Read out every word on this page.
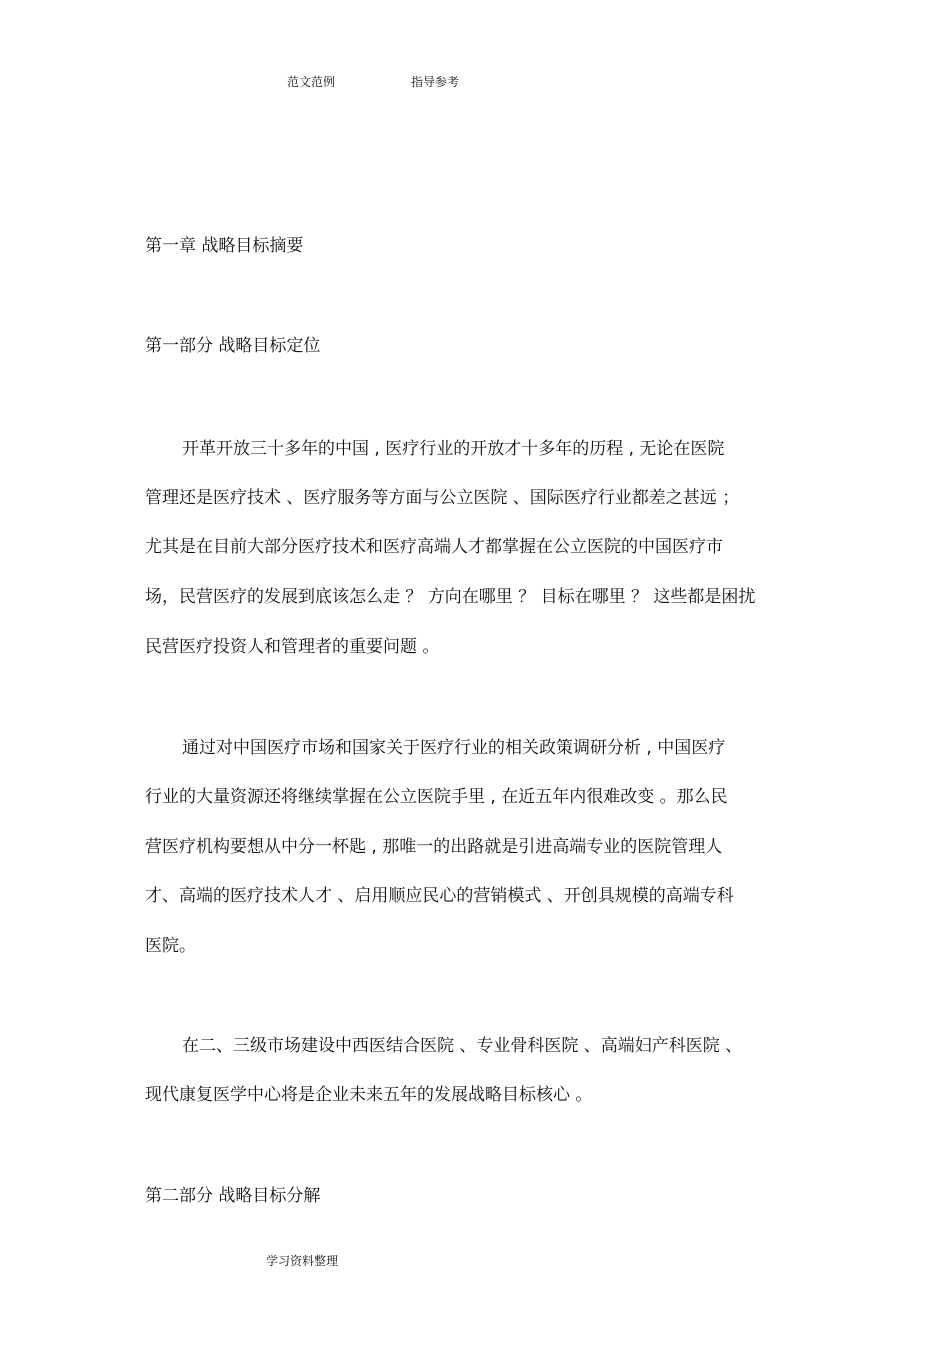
范文范例	指导参考
第一章 战略目标摘要
第一部分 战略目标定位
开革开放三十多年的中国 , 医疗行业的开放才十多年的历程 , 无论在医院
管理还是医疗技术 、医疗服务等方面与公立医院 、国际医疗行业都差之甚远 ；
尤其是在目前大部分医疗技术和医疗高端人才都掌握在公立医院的中国医疗市
场，民营医疗的发展到底该怎么走 ？ 方向在哪里 ？ 目标在哪里 ？ 这些都是困扰
民营医疗投资人和管理者的重要问题 。
通过对中国医疗市场和国家关于医疗行业的相关政策调研分析 , 中国医疗
行业的大量资源还将继续掌握在公立医院手里 , 在近五年内很难改变 。那么民
营医疗机构要想从中分一杯匙 , 那唯一的出路就是引进高端专业的医院管理人
才、高端的医疗技术人才 、启用顺应民心的营销模式 、开创具规模的高端专科
医院。
在二、三级市场建设中西医结合医院 、专业骨科医院 、高端妇产科医院 、
现代康复医学中心将是企业未来五年的发展战略目标核心 。
第二部分 战略目标分解
学习资料整理
